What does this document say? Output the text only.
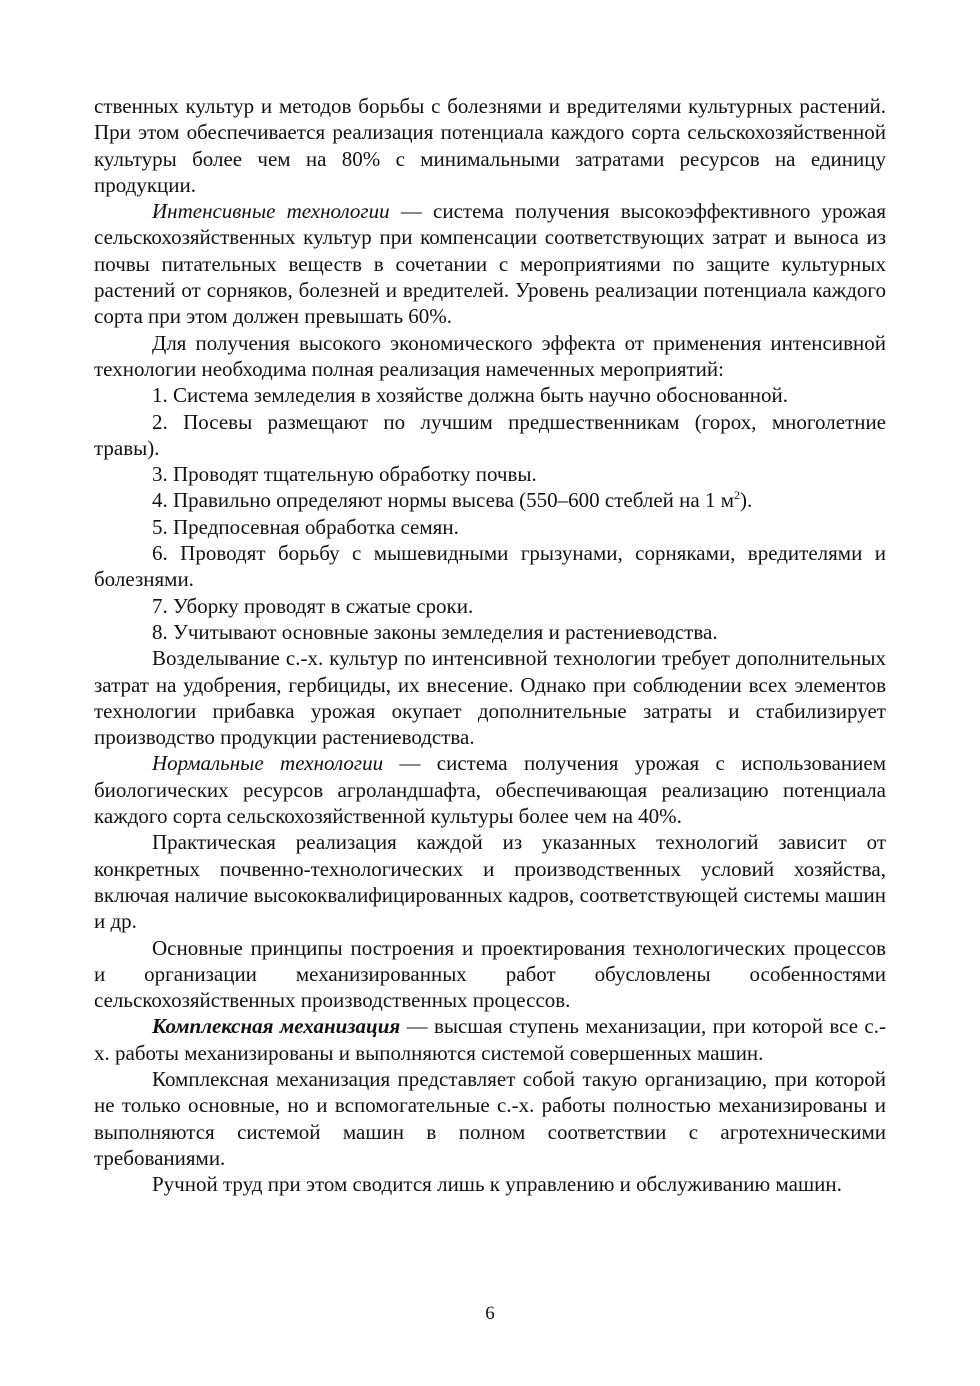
ственных культур и методов борьбы с болезнями и вредителями культурных растений. При этом обеспечивается реализация потенциала каждого сорта сельскохозяйственной культуры более чем на 80% с минимальными затратами ресурсов на единицу продукции.

Интенсивные технологии — система получения высокоэффективного урожая сельскохозяйственных культур при компенсации соответствующих затрат и выноса из почвы питательных веществ в сочетании с мероприятиями по защите культурных растений от сорняков, болезней и вредителей. Уровень реализации потенциала каждого сорта при этом должен превышать 60%.

Для получения высокого экономического эффекта от применения интенсивной технологии необходима полная реализация намеченных мероприятий:

1. Система земледелия в хозяйстве должна быть научно обоснованной.

2. Посевы размещают по лучшим предшественникам (горох, многолетние травы).

3. Проводят тщательную обработку почвы.

4. Правильно определяют нормы высева (550–600 стеблей на 1 $м^2$).

5. Предпосевная обработка семян.

6. Проводят борьбу с мышевидными грызунами, сорняками, вредителями и болезнями.

7. Уборку проводят в сжатые сроки.

8. Учитывают основные законы земледелия и растениеводства.

Возделывание с.-х. культур по интенсивной технологии требует дополнительных затрат на удобрения, гербициды, их внесение. Однако при соблюдении всех элементов технологии прибавка урожая окупает дополнительные затраты и стабилизирует производство продукции растениеводства.

Нормальные технологии — система получения урожая с использованием биологических ресурсов агроландшафта, обеспечивающая реализацию потенциала каждого сорта сельскохозяйственной культуры более чем на 40%.

Практическая реализация каждой из указанных технологий зависит от конкретных почвенно-технологических и производственных условий хозяйства, включая наличие высококвалифицированных кадров, соответствующей системы машин и др.

Основные принципы построения и проектирования технологических процессов и организации механизированных работ обусловлены особенностями сельскохозяйственных производственных процессов.

Комплексная механизация — высшая ступень механизации, при которой все с.-х. работы механизированы и выполняются системой совершенных машин.

Комплексная механизация представляет собой такую организацию, при которой не только основные, но и вспомогательные с.-х. работы полностью механизированы и выполняются системой машин в полном соответствии с агротехническими требованиями.

Ручной труд при этом сводится лишь к управлению и обслуживанию машин.

6
